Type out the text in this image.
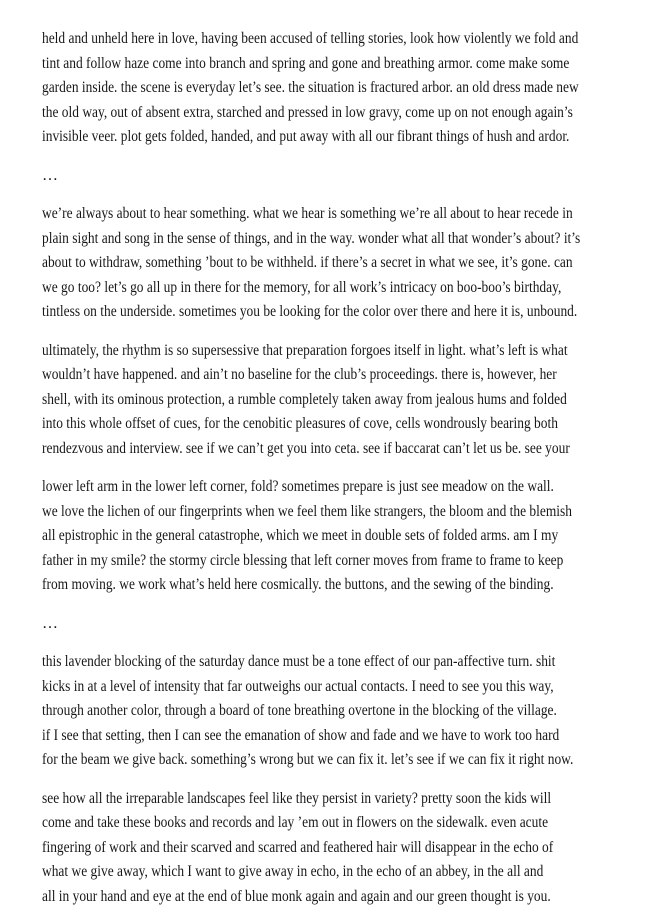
held and unheld here in love, having been accused of telling stories, look how violently we fold and
tint and follow haze come into branch and spring and gone and breathing armor. come make some
garden inside. the scene is everyday let’s see. the situation is fractured arbor. an old dress made new
the old way, out of absent extra, starched and pressed in low gravy, come up on not enough again’s
invisible veer. plot gets folded, handed, and put away with all our fibrant things of hush and ardor.
…
we’re always about to hear something. what we hear is something we’re all about to hear recede in
plain sight and song in the sense of things, and in the way. wonder what all that wonder’s about? it’s
about to withdraw, something ’bout to be withheld. if there’s a secret in what we see, it’s gone. can
we go too? let’s go all up in there for the memory, for all work’s intricacy on boo-boo’s birthday,
tintless on the underside. sometimes you be looking for the color over there and here it is, unbound.
ultimately, the rhythm is so supersessive that preparation forgoes itself in light. what’s left is what
wouldn’t have happened. and ain’t no baseline for the club’s proceedings. there is, however, her
shell, with its ominous protection, a rumble completely taken away from jealous hums and folded
into this whole offset of cues, for the cenobitic pleasures of cove, cells wondrously bearing both
rendezvous and interview. see if we can’t get you into ceta. see if baccarat can’t let us be. see your
lower left arm in the lower left corner, fold? sometimes prepare is just see meadow on the wall.
we love the lichen of our fingerprints when we feel them like strangers, the bloom and the blemish
all epistrophic in the general catastrophe, which we meet in double sets of folded arms. am I my
father in my smile? the stormy circle blessing that left corner moves from frame to frame to keep
from moving. we work what’s held here cosmically. the buttons, and the sewing of the binding.
…
this lavender blocking of the saturday dance must be a tone effect of our pan-affective turn. shit
kicks in at a level of intensity that far outweighs our actual contacts. I need to see you this way,
through another color, through a board of tone breathing overtone in the blocking of the village.
if I see that setting, then I can see the emanation of show and fade and we have to work too hard
for the beam we give back. something’s wrong but we can fix it. let’s see if we can fix it right now.
see how all the irreparable landscapes feel like they persist in variety? pretty soon the kids will
come and take these books and records and lay ’em out in flowers on the sidewalk. even acute
fingering of work and their scarved and scarred and feathered hair will disappear in the echo of
what we give away, which I want to give away in echo, in the echo of an abbey, in the all and
all in your hand and eye at the end of blue monk again and again and our green thought is you.
